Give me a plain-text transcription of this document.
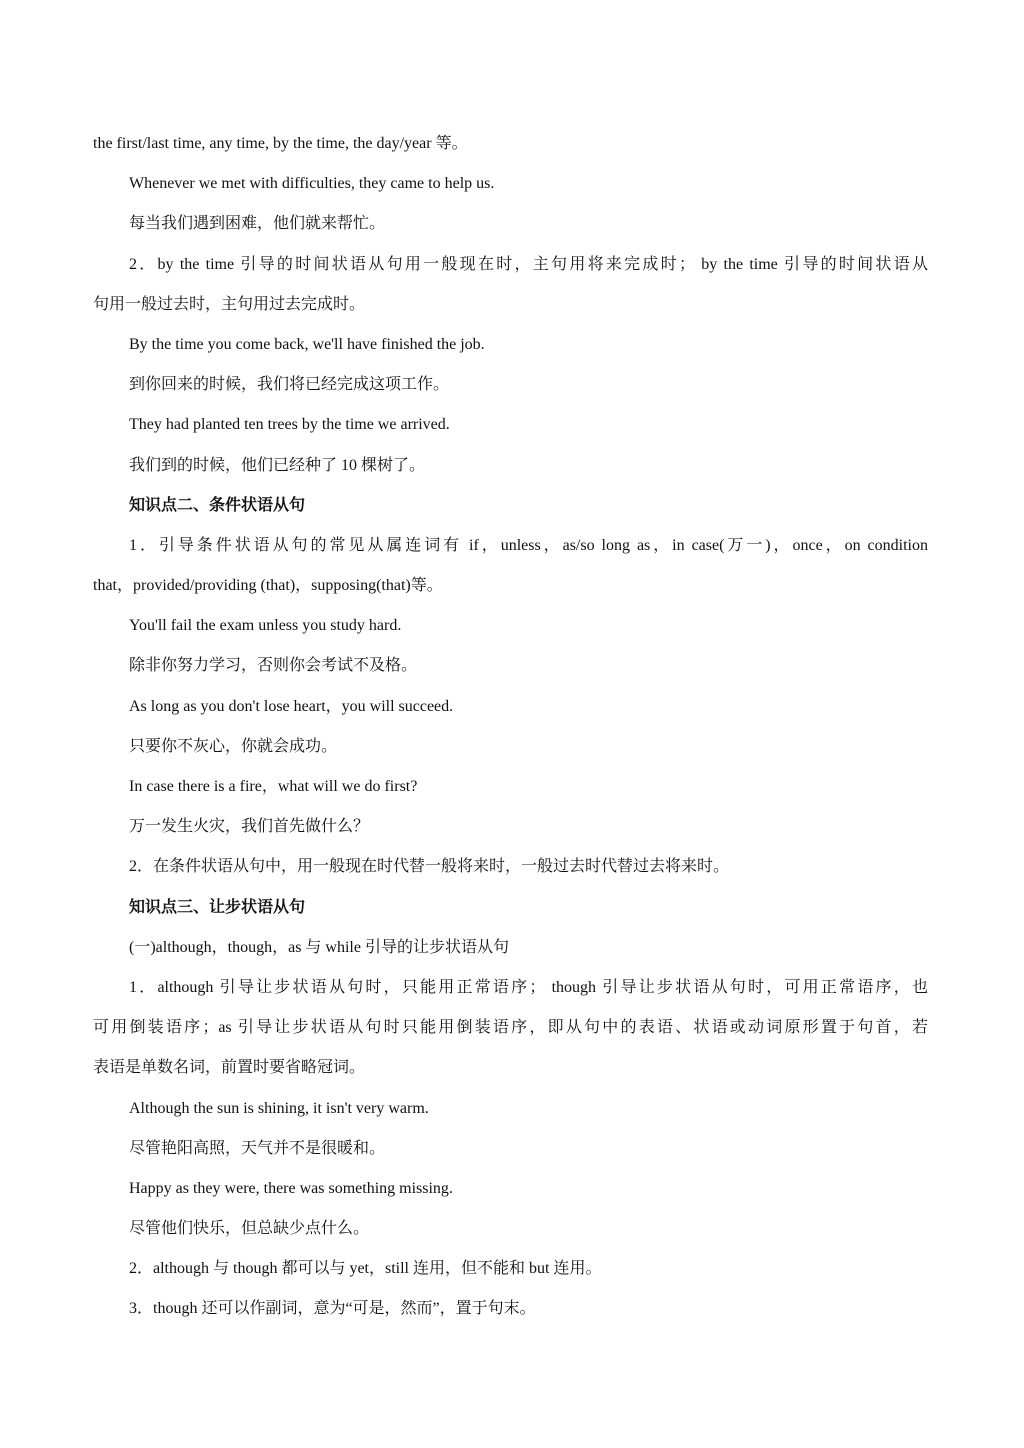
the first/last time, any time, by the time, the day/year 等。

Whenever we met with difficulties, they came to help us.

每当我们遇到困难，他们就来帮忙。

2．by the time 引导的时间状语从句用一般现在时，主句用将来完成时； by the time 引导的时间状语从

句用一般过去时，主句用过去完成时。

By the time you come back, we'll have finished the job.

到你回来的时候，我们将已经完成这项工作。

They had planted ten trees by the time we arrived.

我们到的时候，他们已经种了 10 棵树了。

知识点二、条件状语从句

1．引导条件状语从句的常见从属连词有 if，unless，as/so long as，in case(万一)，once，on condition

that，provided/providing (that)，supposing(that)等。

You'll fail the exam unless you study hard.

除非你努力学习，否则你会考试不及格。

As long as you don't lose heart，you will succeed.

只要你不灰心，你就会成功。

In case there is a fire，what will we do first?

万一发生火灾，我们首先做什么？

2．在条件状语从句中，用一般现在时代替一般将来时，一般过去时代替过去将来时。

知识点三、让步状语从句

(一)although，though，as 与 while 引导的让步状语从句

1．although 引导让步状语从句时，只能用正常语序； though 引导让步状语从句时，可用正常语序，也

可用倒装语序；as 引导让步状语从句时只能用倒装语序，即从句中的表语、状语或动词原形置于句首，若

表语是单数名词，前置时要省略冠词。

Although the sun is shining, it isn't very warm.

尽管艳阳高照，天气并不是很暖和。

Happy as they were, there was something missing.

尽管他们快乐，但总缺少点什么。

2．although 与 though 都可以与 yet，still 连用，但不能和 but 连用。

3．though 还可以作副词，意为“可是，然而”，置于句末。
